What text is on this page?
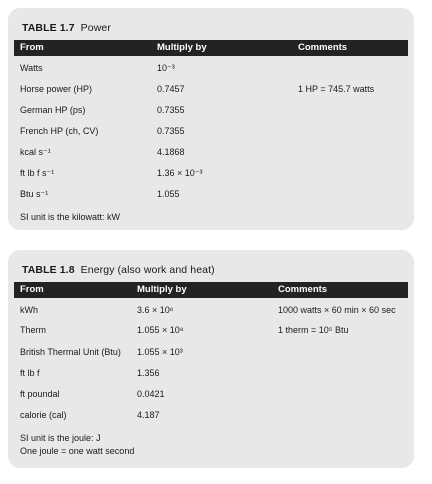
TABLE 1.7 Power
From	Multiply by	Comments
Watts	10⁻³
Horse power (HP)	0.7457	1 HP = 745.7 watts
German HP (ps)	0.7355
French HP (ch, CV)	0.7355
kcal s⁻¹	4.1868
ft lb f s⁻¹	1.36 × 10⁻³
Btu s⁻¹	1.055
SI unit is the kilowatt: kW
TABLE 1.8 Energy (also work and heat)
From	Multiply by	Comments
kWh	3.6 × 10⁶	1000 watts × 60 min × 60 sec
Therm	1.055 × 10⁸	1 therm = 10⁵ Btu
British Thermal Unit (Btu) 1.055 × 10³
ft lb f	1.356
ft poundal	0.0421
calorie (cal)	4.187
SI unit is the joule: J
One joule = one watt second
